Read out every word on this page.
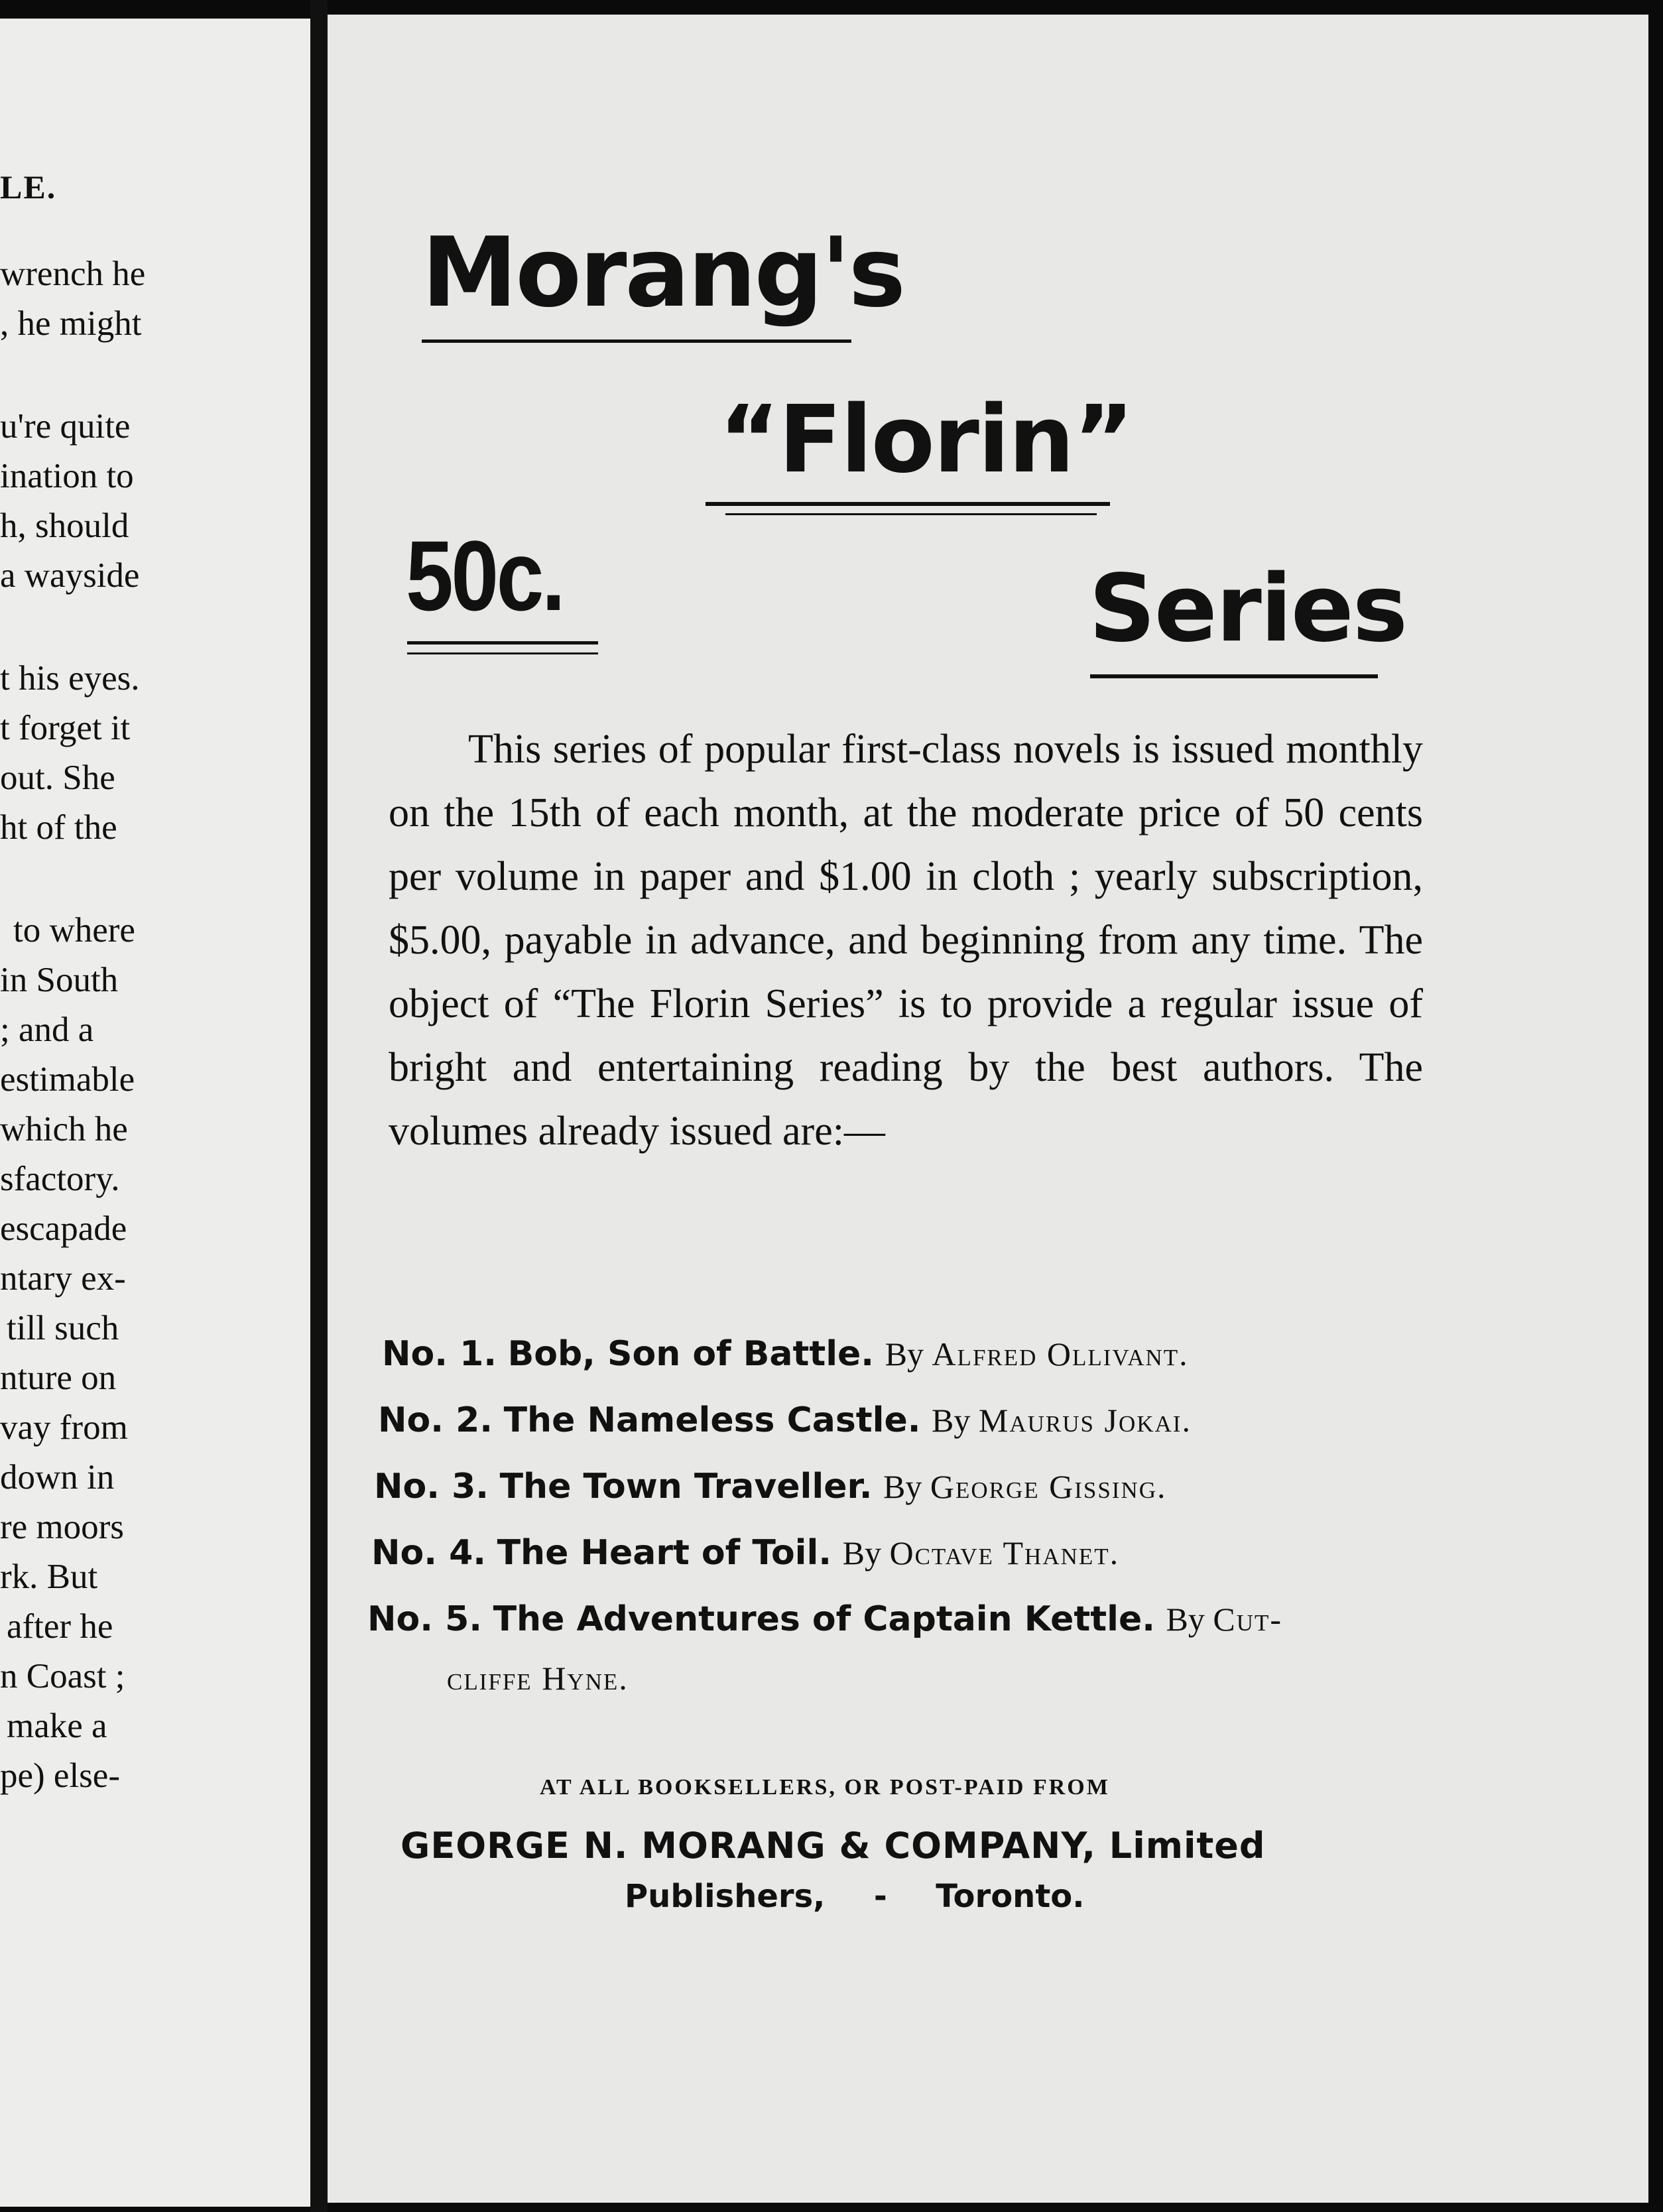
LE.
wrench he
, he might
u're quite
ination to
h, should
a wayside
t his eyes.
t forget it
out. She
ht of the
to where
in South
; and a
estimable
which he
sfactory.
escapade
ntary ex-
till such
nture on
vay from
down in
re moors
rk. But
after he
n Coast ;
make a
pe) else-
Morang's
“Florin”
50c.	Series
This series of popular first-class novels is issued monthly on the 15th of each month, at the moderate price of 50 cents per volume in paper and $1.00 in cloth ; yearly subscription, $5.00, payable in advance, and beginning from any time. The object of “The Florin Series” is to provide a regular issue of bright and entertaining reading by the best authors. The volumes already issued are:—
No. 1. Bob, Son of Battle. By Alfred Ollivant.
No. 2. The Nameless Castle. By Maurus Jokai.
No. 3. The Town Traveller. By George Gissing.
No. 4. The Heart of Toil. By Octave Thanet.
No. 5. The Adventures of Captain Kettle. By Cut-
cliffe Hyne.
AT ALL BOOKSELLERS, OR POST-PAID FROM
GEORGE N. MORANG & COMPANY, Limited
Publishers, - Toronto.
